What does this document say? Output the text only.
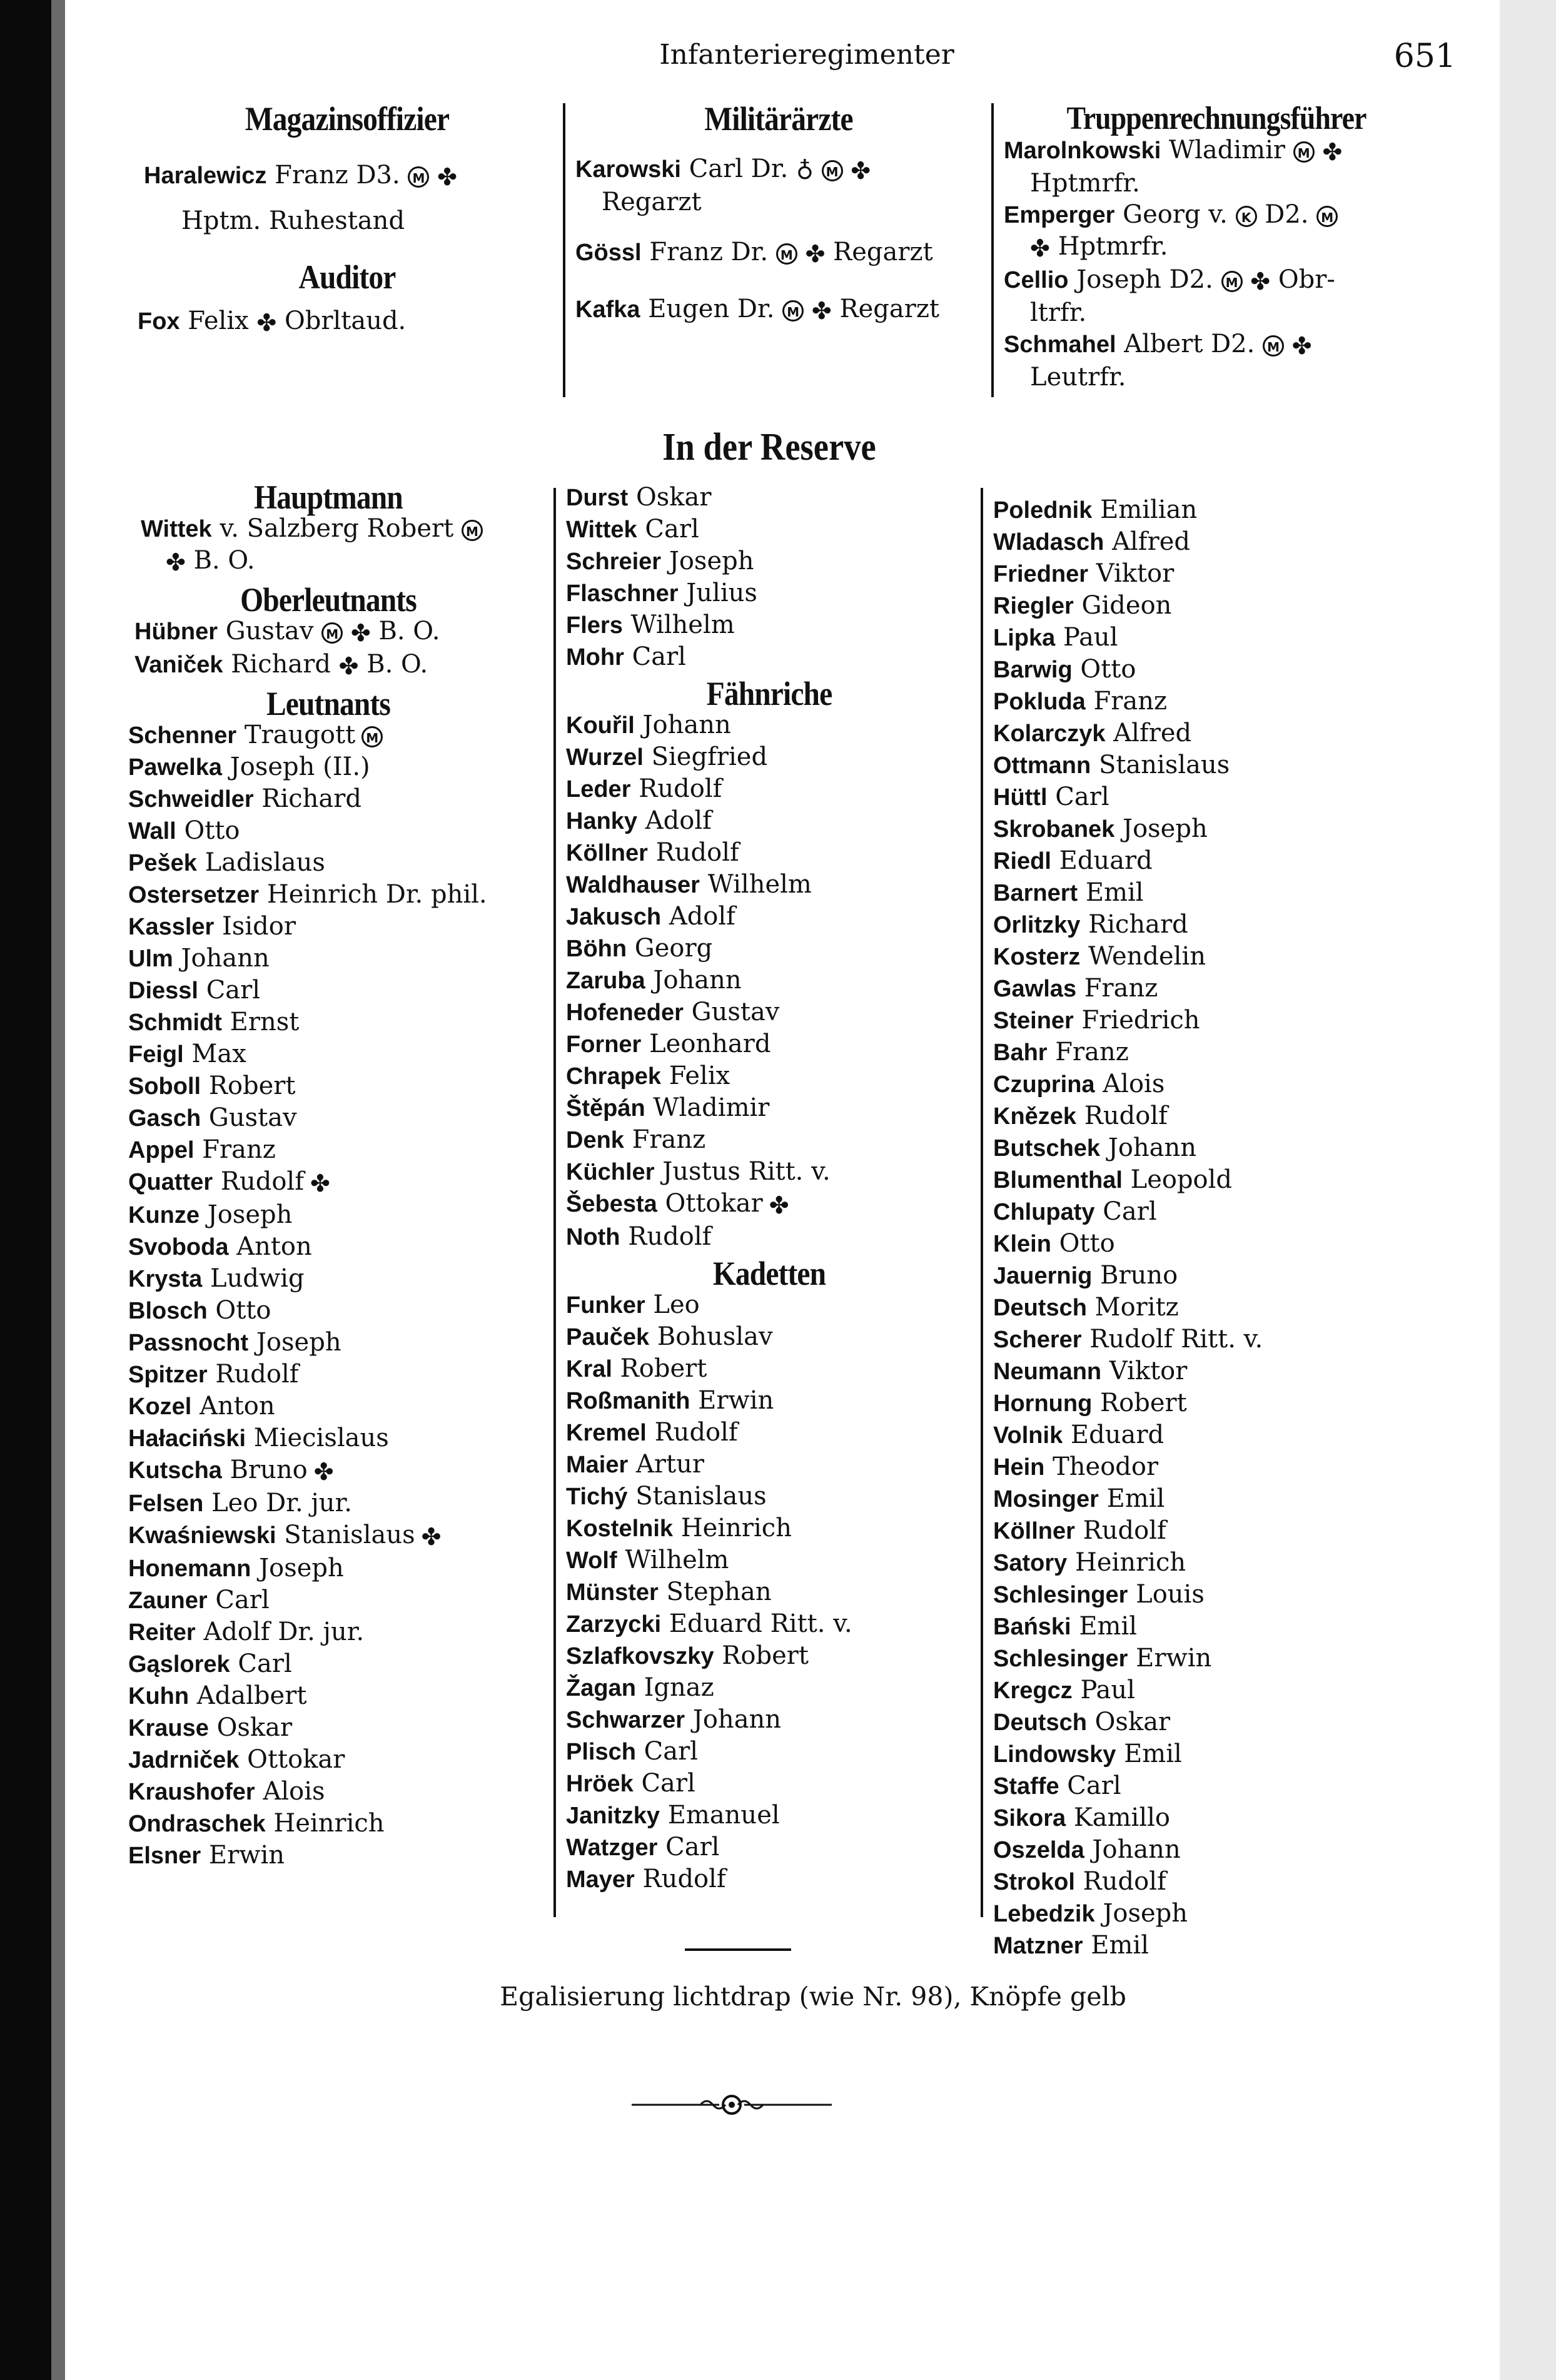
Infanterieregimenter	651
Magazinsoffizier
Haralewicz Franz D3. M ✤
Hptm. Ruhestand
Auditor
Fox Felix ✤ Obrltaud.
Militärärzte
Karowski Carl Dr. ♁ M ✤
Regarzt
Gössl Franz Dr. M ✤ Regarzt
Kafka Eugen Dr. M ✤ Regarzt
Truppenrechnungsführer
Marolnkowski Wladimir M ✤
Hptmrfr.
Emperger Georg v. K D2. M
✤ Hptmrfr.
Cellio Joseph D2. M ✤ Obr-
ltrfr.
Schmahel Albert D2. M ✤
Leutrfr.
In der Reserve
Hauptmann
Wittek v. Salzberg Robert M
✤ B. O.
Oberleutnants
Hübner Gustav M ✤ B. O.
Vaniček Richard ✤ B. O.
Leutnants
Schenner Traugott M
Pawelka Joseph (II.)
Schweidler Richard
Wall Otto
Pešek Ladislaus
Ostersetzer Heinrich Dr. phil.
Kassler Isidor
Ulm Johann
Diessl Carl
Schmidt Ernst
Feigl Max
Soboll Robert
Gasch Gustav
Appel Franz
Quatter Rudolf ✤
Kunze Joseph
Svoboda Anton
Krysta Ludwig
Blosch Otto
Passnocht Joseph
Spitzer Rudolf
Kozel Anton
Hałaciński Miecislaus
Kutscha Bruno ✤
Felsen Leo Dr. jur.
Kwaśniewski Stanislaus ✤
Honemann Joseph
Zauner Carl
Reiter Adolf Dr. jur.
Gąslorek Carl
Kuhn Adalbert
Krause Oskar
Jadrniček Ottokar
Kraushofer Alois
Ondraschek Heinrich
Elsner Erwin
Durst Oskar
Wittek Carl
Schreier Joseph
Flaschner Julius
Flers Wilhelm
Mohr Carl
Fähnriche
Kouřil Johann
Wurzel Siegfried
Leder Rudolf
Hanky Adolf
Köllner Rudolf
Waldhauser Wilhelm
Jakusch Adolf
Böhn Georg
Zaruba Johann
Hofeneder Gustav
Forner Leonhard
Chrapek Felix
Štěpán Wladimir
Denk Franz
Küchler Justus Ritt. v.
Šebesta Ottokar ✤
Noth Rudolf
Kadetten
Funker Leo
Pauček Bohuslav
Kral Robert
Roßmanith Erwin
Kremel Rudolf
Maier Artur
Tichý Stanislaus
Kostelnik Heinrich
Wolf Wilhelm
Münster Stephan
Zarzycki Eduard Ritt. v.
Szlafkovszky Robert
Žagan Ignaz
Schwarzer Johann
Plisch Carl
Hröek Carl
Janitzky Emanuel
Watzger Carl
Mayer Rudolf
Polednik Emilian
Wladasch Alfred
Friedner Viktor
Riegler Gideon
Lipka Paul
Barwig Otto
Pokluda Franz
Kolarczyk Alfred
Ottmann Stanislaus
Hüttl Carl
Skrobanek Joseph
Riedl Eduard
Barnert Emil
Orlitzky Richard
Kosterz Wendelin
Gawlas Franz
Steiner Friedrich
Bahr Franz
Czuprina Alois
Knězek Rudolf
Butschek Johann
Blumenthal Leopold
Chlupaty Carl
Klein Otto
Jauernig Bruno
Deutsch Moritz
Scherer Rudolf Ritt. v.
Neumann Viktor
Hornung Robert
Volnik Eduard
Hein Theodor
Mosinger Emil
Köllner Rudolf
Satory Heinrich
Schlesinger Louis
Bański Emil
Schlesinger Erwin
Kregcz Paul
Deutsch Oskar
Lindowsky Emil
Staffe Carl
Sikora Kamillo
Oszelda Johann
Strokol Rudolf
Lebedzik Joseph
Matzner Emil
Egalisierung lichtdrap (wie Nr. 98), Knöpfe gelb
